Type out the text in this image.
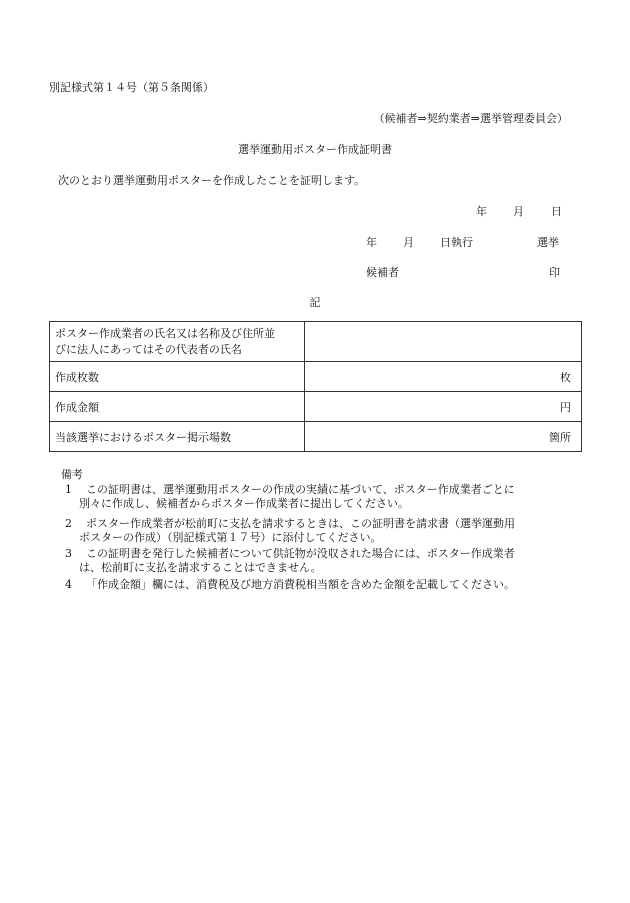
別記様式第１４号（第５条関係）
（候補者⇒契約業者⇒選挙管理委員会）
選挙運動用ポスター作成証明書
次のとおり選挙運動用ポスターを作成したことを証明します。
年 月 日
年 月 日執行	選挙
候補者	印
記
ポスター作成業者の氏名又は名称及び住所並
びに法人にあってはその代表者の氏名	

作成枚数	枚
作成金額	円
当該選挙におけるポスター掲示場数	箇所
備考
1 この証明書は、選挙運動用ポスターの作成の実績に基づいて、ポスター作成業者ごとに
別々に作成し、候補者からポスター作成業者に提出してください。
2 ポスター作成業者が松前町に支払を請求するときは、この証明書を請求書（選挙運動用
ポスターの作成）（別記様式第１７号）に添付してください。
3 この証明書を発行した候補者について供託物が没収された場合には、ポスター作成業者
は、松前町に支払を請求することはできません。
4 「作成金額」欄には、消費税及び地方消費税相当額を含めた金額を記載してください。
